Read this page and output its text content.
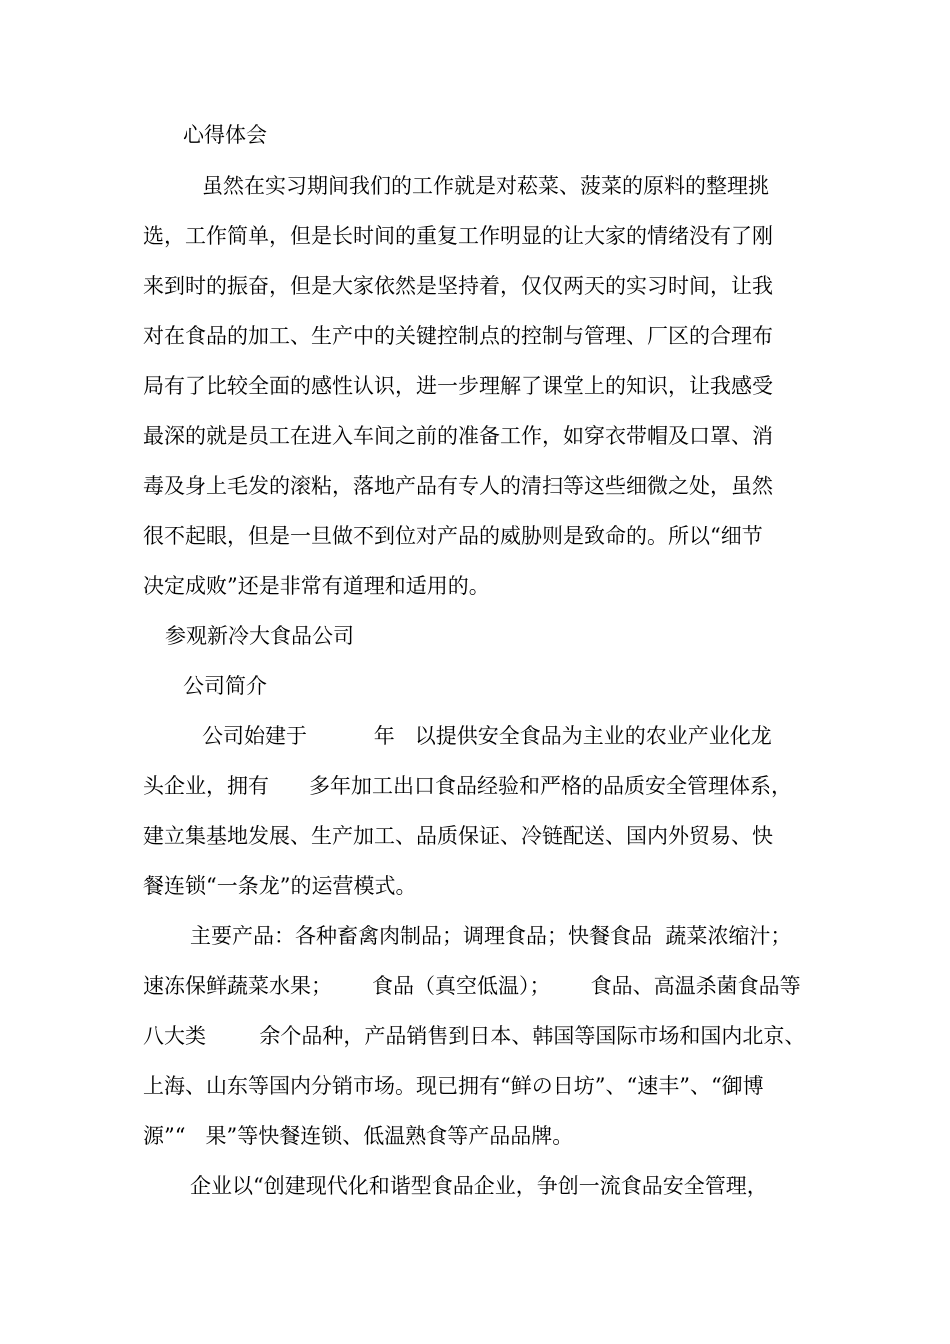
心得体会
虽然在实习期间我们的工作就是对菘菜、菠菜的原料的整理挑
选，工作简单，但是长时间的重复工作明显的让大家的情绪没有了刚
来到时的振奋，但是大家依然是坚持着，仅仅两天的实习时间，让我
对在食品的加工、生产中的关键控制点的控制与管理、厂区的合理布
局有了比较全面的感性认识，进一步理解了课堂上的知识，让我感受
最深的就是员工在进入车间之前的准备工作，如穿衣带帽及口罩、消
毒及身上毛发的滚粘，落地产品有专人的清扫等这些细微之处，虽然
很不起眼，但是一旦做不到位对产品的威胁则是致命的。所以“细节
决定成败”还是非常有道理和适用的。
参观新冷大食品公司
公司简介
公司始建于          年   以提供安全食品为主业的农业产业化龙
头企业，拥有      多年加工出口食品经验和严格的品质安全管理体系，
建立集基地发展、生产加工、品质保证、冷链配送、国内外贸易、快
餐连锁“一条龙”的运营模式。
主要产品：各种畜禽肉制品；调理食品；快餐食品  蔬菜浓缩汁；
速冻保鲜蔬菜水果；      食品（真空低温）；      食品、高温杀菌食品等
八大类        余个品种，产品销售到日本、韩国等国际市场和国内北京、
上海、山东等国内分销市场。现已拥有“鲜の日坊”、“速丰”、“御博
源”“   果”等快餐连锁、低温熟食等产品品牌。
企业以“创建现代化和谐型食品企业，争创一流食品安全管理，
